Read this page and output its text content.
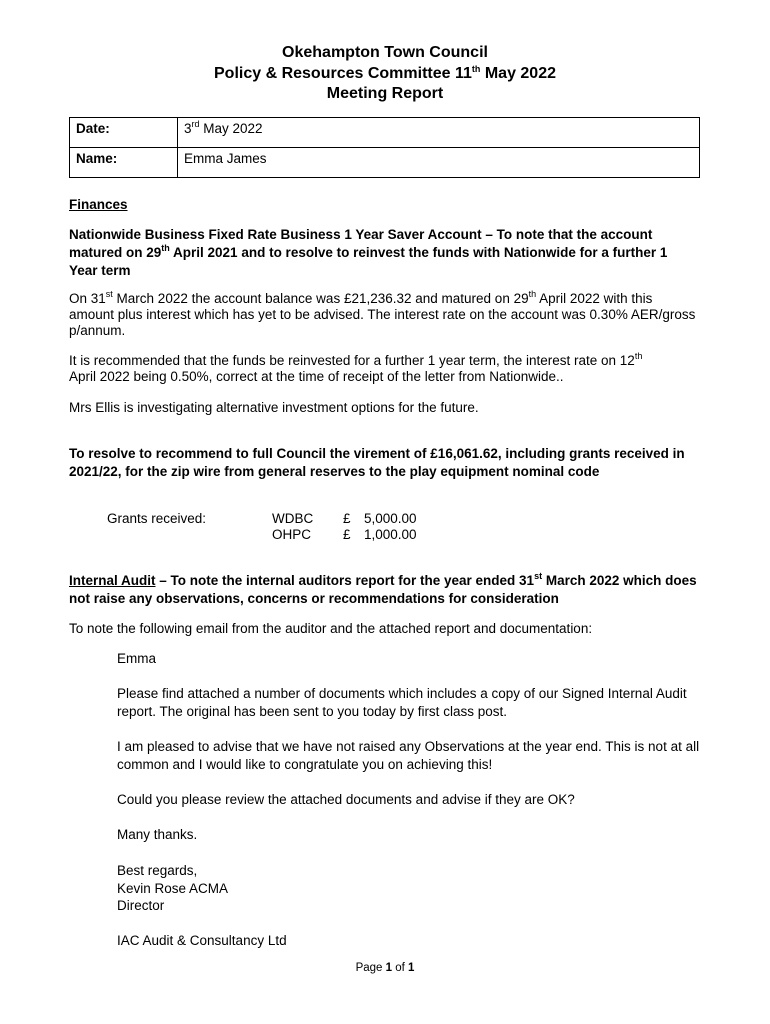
Okehampton Town Council
Policy & Resources Committee 11th May 2022
Meeting Report
Date:	3rd May 2022
Name:	Emma James
Finances
Nationwide Business Fixed Rate Business 1 Year Saver Account – To note that the account matured on 29th April 2021 and to resolve to reinvest the funds with Nationwide for a further 1 Year term
On 31st March 2022 the account balance was £21,236.32 and matured on 29th April 2022 with this amount plus interest which has yet to be advised. The interest rate on the account was 0.30% AER/gross p/annum.
It is recommended that the funds be reinvested for a further 1 year term, the interest rate on 12th April 2022 being 0.50%, correct at the time of receipt of the letter from Nationwide..
Mrs Ellis is investigating alternative investment options for the future.
To resolve to recommend to full Council the virement of £16,061.62, including grants received in 2021/22, for the zip wire from general reserves to the play equipment nominal code
Grants received:	WDBC £ 5,000.00
OHPC £ 1,000.00
Internal Audit – To note the internal auditors report for the year ended 31st March 2022 which does not raise any observations, concerns or recommendations for consideration
To note the following email from the auditor and the attached report and documentation:
Emma
Please find attached a number of documents which includes a copy of our Signed Internal Audit report. The original has been sent to you today by first class post.
I am pleased to advise that we have not raised any Observations at the year end. This is not at all common and I would like to congratulate you on achieving this!
Could you please review the attached documents and advise if they are OK?
Many thanks.
Best regards,
Kevin Rose ACMA
Director
IAC Audit & Consultancy Ltd
Page 1 of 1
